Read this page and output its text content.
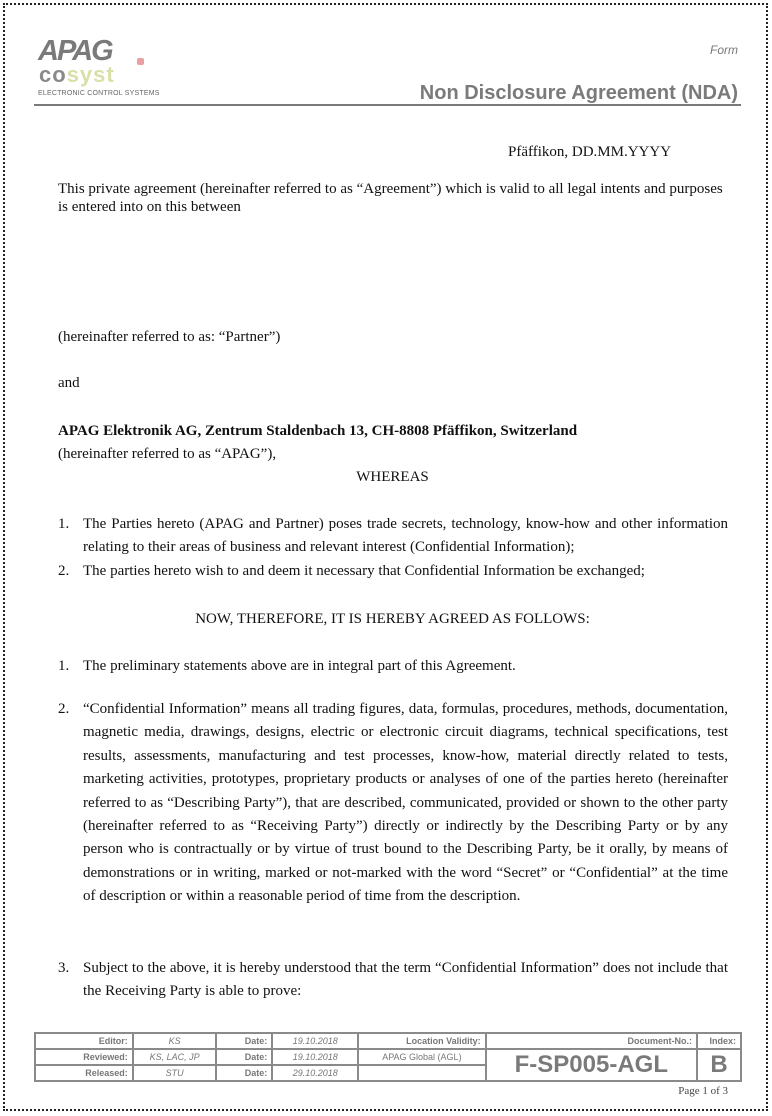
APAG
cosyst
ELECTRONIC CONTROL SYSTEMS
Form
Non Disclosure Agreement (NDA)
Pfäffikon, DD.MM.YYYY
This private agreement (hereinafter referred to as “Agreement”) which is valid to all legal intents and purposes is entered into on this between
(hereinafter referred to as: “Partner”)
and
APAG Elektronik AG, Zentrum Staldenbach 13, CH-8808 Pfäffikon, Switzerland
(hereinafter referred to as “APAG”),
WHEREAS
1. The Parties hereto (APAG and Partner) poses trade secrets, technology, know-how and other information relating to their areas of business and relevant interest (Confidential Information);
2. The parties hereto wish to and deem it necessary that Confidential Information be exchanged;
NOW, THEREFORE, IT IS HEREBY AGREED AS FOLLOWS:
1. The preliminary statements above are in integral part of this Agreement.
2. “Confidential Information” means all trading figures, data, formulas, procedures, methods, documentation, magnetic media, drawings, designs, electric or electronic circuit diagrams, technical specifications, test results, assessments, manufacturing and test processes, know-how, material directly related to tests, marketing activities, prototypes, proprietary products or analyses of one of the parties hereto (hereinafter referred to as “Describing Party”), that are described, communicated, provided or shown to the other party (hereinafter referred to as “Receiving Party”) directly or indirectly by the Describing Party or by any person who is contractually or by virtue of trust bound to the Describing Party, be it orally, by means of demonstrations or in writing, marked or not-marked with the word “Secret” or “Confidential” at the time of description or within a reasonable period of time from the description.
3. Subject to the above, it is hereby understood that the term “Confidential Information” does not include that the Receiving Party is able to prove:
Editor:	KS	Date:	19.10.2018	Location Validity:	Document-No.:	Index:
Reviewed:	KS, LAC, JP	Date:	19.10.2018	APAG Global (AGL)	F-SP005-AGL	B
Released:	STU	Date:	29.10.2018			
Page 1 of 3
